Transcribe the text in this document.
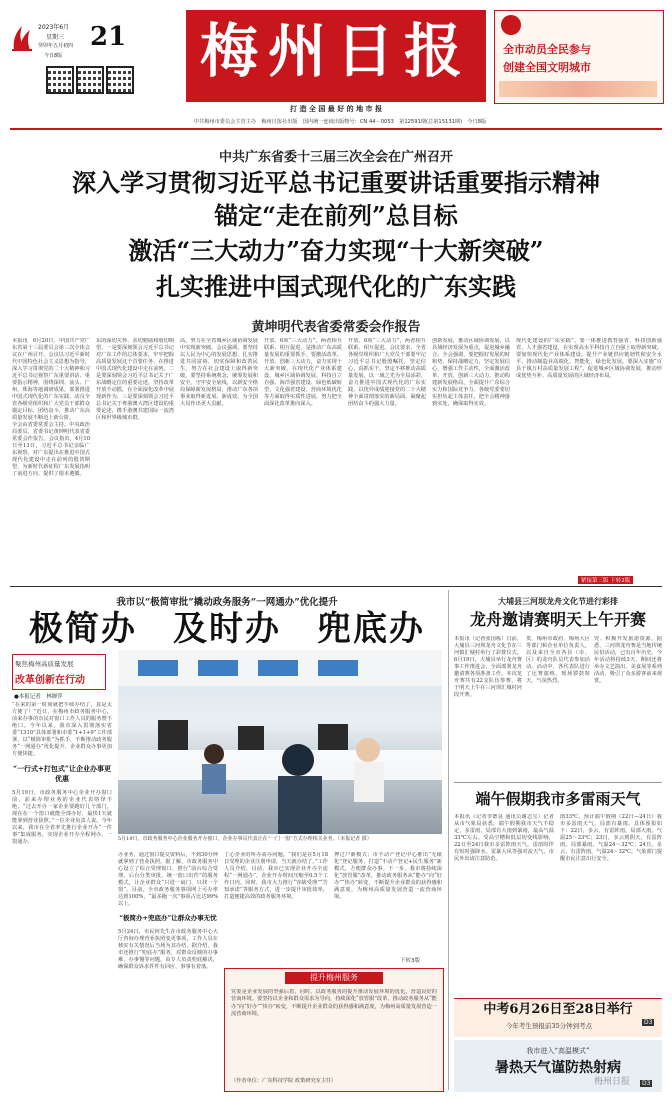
2023年6月
星期三
癸卯年五月初四
今日8版
21 梅州日报
打 造 全 国 最 好 的 地 市 报
全市动员全民参与
创建全国文明城市
中共梅州市委员会主管主办　梅州日报社出版　国内统一连续出版物号：CN 44－0053　第12591期(总第15131期)　今日8版
中共广东省委十三届三次全会在广州召开
深入学习贯彻习近平总书记重要讲话重要指示精神
锚定“走在前列”总目标
激活“三大动力”奋力实现“十大新突破”
扎实推进中国式现代化的广东实践
黄坤明代表省委常委会作报告
本报讯　6月20日，中国共产党广东省第十三届委员会第三次全体会议在广州召开。会议以习近平新时代中国特色社会主义思想为指导，深入学习贯彻党的二十大精神和习近平总书记视察广东重要讲话、重要指示精神，围绕深圳、汕头、广州、珠海等地调研成果，部署推进中国式现代化的广东实践，动员全省各级党组织和广大党员干部群众锚定目标、团结奋斗，推动广东高质量发展不断迈上新台阶。
全会由省委常委会主持。中央政治局委员、省委书记黄坤明代表省委常委会作报告。会议指出，4月10日至13日，习近平总书记亲临广东视察，对广东提出在推进中国式现代化建设中走在前列的殷切期望，为新时代新征程广东发展指明了前进方向、提供了根本遵循。
东的深切关怀、亲切勉励和殷切期望，一是要深刻领会习近平总书记对广东工作的总体要求，牢牢把握高质量发展这个首要任务，在推进中国式现代化建设中走在前列。二是要深刻领会习近平总书记关于广东战略定位的重要论述，坚持改革开放不动摇，在全面深化改革中展现新作为。三是要深刻领会习近平总书记关于粤港澳大湾区建设的重要论述，携手港澳共建国际一流湾区和世界级城市群。
高，努力在全省城乡区域协调发展中实现新突破。会议强调，要坚持以人民为中心的发展思想，扎实推进共同富裕，切实保障和改善民生，努力在社会建设上取得新突破。要坚持系统观念，统筹发展和安全，守牢安全底线，以新安全格局保障新发展格局，推动广东各项事业取得新进展、新成效，为全国大局作出更大贡献。
开放、6项“三大动力”，两者相互联系、相互促进，是推动广东高质量发展的重要抓手。要激活改革、开放、创新三大动力，奋力实现十大新突破，在现代化产业体系建设、城乡区域协调发展、科技自立自强、海洋强省建设、绿色低碳转型、文化强省建设、营商环境优化等方面取得实质性进展，努力把全面深化改革推向深入。
开放、6项“三大动力”，两者相互联系、相互促进。会议要求，全省各级党组织和广大党员干部要牢记习近平总书记殷殷嘱托，坚定信心、真抓实干，坚定不移推动高质量发展，以一域之光为全局添彩，奋力推进中国式现代化的广东实践，以优异成绩迎接党的二十大精神全面贯彻落实的新局面，凝聚起团结奋斗的强大力量。
创新发展，推动区域协调发展，以县域经济发展为重点，促进城乡融合。全会强调，要把握好发展的时和势，保持战略定力，坚定发展信心，增强工作主动性，全面激活改革、开放、创新三大动力，推动构建新发展格局，全面提升广东综合实力和国际竞争力。各级党委要切实担负起主体责任，把全会精神落到实处，确保取得实效。
现代化建设的广东实践”。要一体推进教育强省、科技创新强省、人才强省建设，在实现高水平科技自立自强上取得新突破。要加快现代化产业体系建设，提升产业链供应链韧性和安全水平，推动制造业高端化、智能化、绿色化发展。要深入实施“百县千镇万村高质量发展工程”，促进城乡区域协调发展，推动形成优势互补、高质量发展的区域经济布局。
紧接第三版 下转2版
我市以“极简审批”撬动政务服务“一网通办”优化提升
极简办　及时办　兜底办
聚焦梅州高质量发展
改革创新在行动
●本报记者　林婵萍
“在来的第一时间就把手续办结了，真是太方便了！”近日，在梅州市政务服务中心，前来办事的市民对窗口工作人员的服务赞不绝口。今年以来，我市深入贯彻落实省委“1310”具体部署和市委“1+1+9”工作部署，以“极简审批”为抓手，不断推动政务服务“一网通办”优化提升，企业群众办事更加方便快捷。
“一行式+打包式”让企业办事更优惠
5月19日，市政务服务中心企业开办窗口前，前来办理业务的企业代表络绎不绝。“过去开办一家企业要跑好几个部门，现在在一个窗口就能全部办好，最快1天就能拿到营业执照。”一位企业负责人说。今年以来，我市在全省率先推行企业开办“一件事”集成服务，实现企业开办全程网办、一窗通办。	5月19日，市政务服务中心企业服务开办窗口，企业办事员代表正在“一门一窗”方式办理相关业务。（本报记者 摄）
办业务，通过窗口提交资料后，不到30分钟就拿到了营业执照。据了解，市政务服务中心设立了综合受理窗口，推行“前台综合受理、后台分类审批、统一窗口出件”的服务模式，让企业群众“只进一扇门、只找一个窗”。目前，全市政务服务事项网上可办率达到100%，“最多跑一次”事项占比达99%以上。
“极简办+兜底办”让群众办事无忧
5月24日，市民何先生在市政务服务中心大厅咨询办理营业执照变更事项，工作人员在核实有关情况后当场为其办结。据介绍，我市还推行“兜底办”服务，对群众反映的办事难、办事慢等问题，由专人负责兜底解决，确保群众诉求件件有回应、事事有着落。
了心企业的所办需办问题。“我们是在5月18日受理的企业注册申请，当天就办结了。”工作人员介绍，目前，我市已实现企业开办全流程“一网通办”，企业开办时间压缩至0.5个工作日内。同时，我市大力推行“容缺受理”“告知承诺”等服务方式，进一步提升审批效率，打造便捷高效的政务服务环境。
押过户新模式；市不动产登记中心推出“无纸化”登记服务，打造“不动产登记+民生服务”新模式，方便群众办事。下一步，我市将持续深化“放管服”改革，推动政务服务从“能办”向“好办”“快办”转变，不断提升企业群众的获得感和满意度，为梅州高质量发展营造一流营商环境。
下转3版
提升梅州服务
党委是企业发展的坚强后盾，同时，以政务服务的提升推动发展环境的优化，营造良好的营商环境。要坚持以企业和群众需求为导向，持续深化“放管服”改革，推动政务服务从“能办”向“好办”“快办”转变，不断提升企业群众的获得感和满意度，为梅州高质量发展营造一流营商环境。
（作者单位：广东科技学院 政策研究室主任）
大埔县三河坝龙舟文化节进行彩排
龙舟邀请赛明天上午开赛
本报讯（记者张国栋）日前，大埔县三河坝龙舟文化节在三河镇汇城村举行了彩排仪式。6月19日，大埔县举行龙舟赛事工作推进会，全面部署龙舟邀请赛各项准备工作。本次龙舟赛共有22支队伍参赛，将于明天上午在三河坝汇城村河段开赛。
贵、梅州市政府、梅州大区等部门和企业单位负责人，以及来自全市各县（市、区）的龙舟队员代表参加活动。活动中，各代表队进行了比赛演练，现场锣鼓喧天，气氛热烈。
究、积极开发旅游资源。据悉，三河坝龙舟赛是当地传统民俗活动，已有百年历史，今年活动将持续3天，期间还将举办文艺演出、美食展等系列活动，吸引了众多游客前来观赏。
端午假期我市多雷雨天气
本报讯（记者李德良 通讯员谢志宝）记者从市气象局获悉，端午假期我市天气不稳定，多雷雨，局部有大雨到暴雨，最高气温33℃左右。受高空槽和低层切变线影响，22日至24日我市多雷阵雨天气，雷雨时伴有短时强降水、雷暴大风等强对流天气，市民外出请注意防范。
雨33℃。预计端午假期（22日—24日）我市多雷雨天气，局部有暴雨。具体预报如下：22日，多云，有雷阵雨，局部大雨，气温25～33℃；23日，多云到阴天，有雷阵雨，局部暴雨，气温24～32℃；24日，多云，有雷阵雨，气温24～32℃。气象部门提醒市民注意出行安全。
中考6月26日至28日举行
今年考生预报前35分钟到考点	D3
我市进入“高温模式”
暑热天气谨防热射病
D3
梅州日报
